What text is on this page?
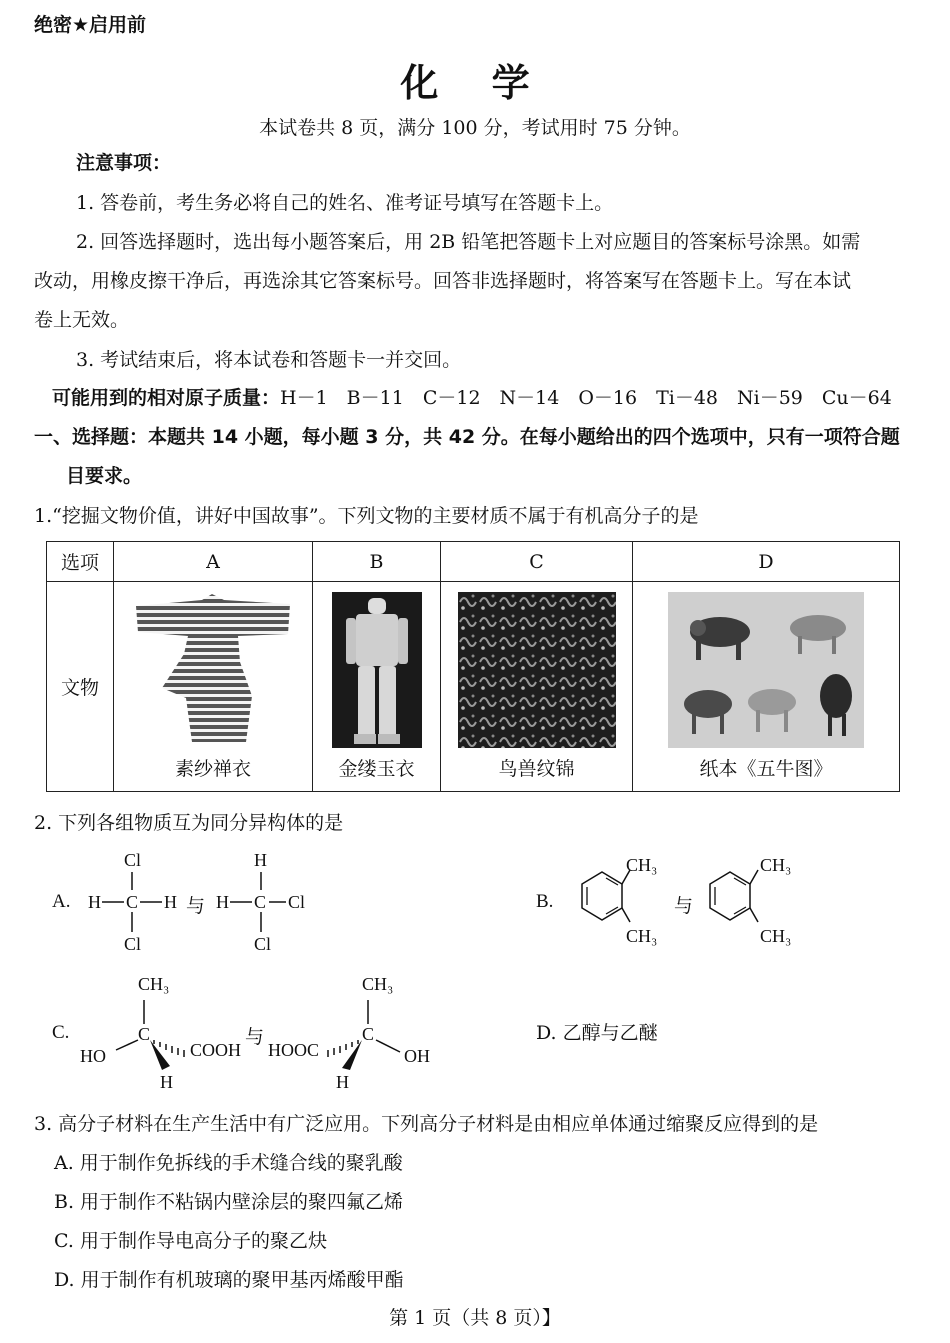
绝密★启用前
化 学
本试卷共 8 页，满分 100 分，考试用时 75 分钟。
注意事项：
1. 答卷前，考生务必将自己的姓名、准考证号填写在答题卡上。
2. 回答选择题时，选出每小题答案后，用 2B 铅笔把答题卡上对应题目的答案标号涂黑。如需
改动，用橡皮擦干净后，再选涂其它答案标号。回答非选择题时，将答案写在答题卡上。写在本试
卷上无效。
3. 考试结束后，将本试卷和答题卡一并交回。
可能用到的相对原子质量：H－1　B－11　C－12　N－14　O－16　Ti－48　Ni－59　Cu－64
一、选择题：本题共 14 小题，每小题 3 分，共 42 分。在每小题给出的四个选项中，只有一项符合题
目要求。
1.“挖掘文物价值，讲好中国故事”。下列文物的主要材质不属于有机高分子的是
选项	A	B	C	D
文物	素纱禅衣	金缕玉衣	鸟兽纹锦	纸本《五牛图》
2. 下列各组物质互为同分异构体的是
A.
Cl
H C H
Cl
H
H C Cl
Cl
与	B.
CH₃
CH₃
与
CH₃
CH₃
C.
CH₃
C
HO	COOH
H
与
CH₃
C
HOOC	OH
H
D. 乙醇与乙醚
3. 高分子材料在生产生活中有广泛应用。下列高分子材料是由相应单体通过缩聚反应得到的是
A. 用于制作免拆线的手术缝合线的聚乳酸
B. 用于制作不粘锅内壁涂层的聚四氟乙烯
C. 用于制作导电高分子的聚乙炔
D. 用于制作有机玻璃的聚甲基丙烯酸甲酯
第 1 页（共 8 页）】
